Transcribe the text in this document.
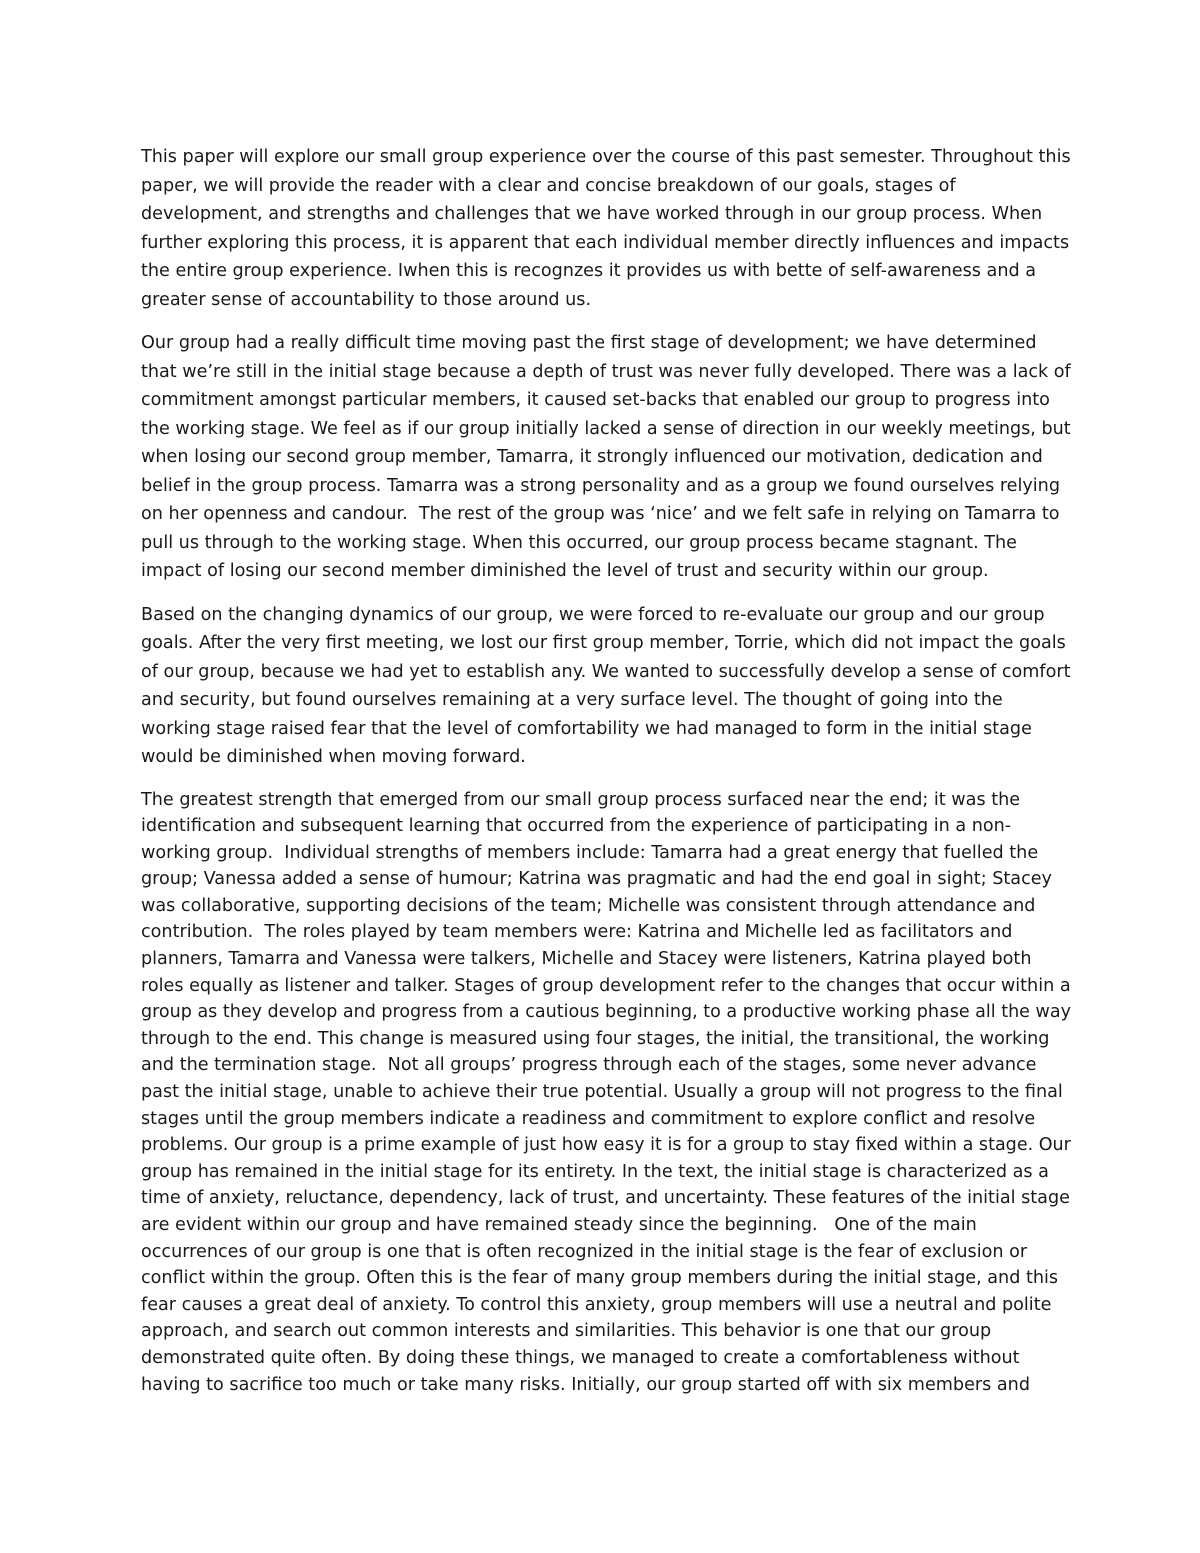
This paper will explore our small group experience over the course of this past semester. Throughout this
paper, we will provide the reader with a clear and concise breakdown of our goals, stages of
development, and strengths and challenges that we have worked through in our group process. When
further exploring this process, it is apparent that each individual member directly influences and impacts
the entire group experience. Iwhen this is recognzes it provides us with bette of self-awareness and a
greater sense of accountability to those around us.
Our group had a really difficult time moving past the first stage of development; we have determined
that we’re still in the initial stage because a depth of trust was never fully developed. There was a lack of
commitment amongst particular members, it caused set-backs that enabled our group to progress into
the working stage. We feel as if our group initially lacked a sense of direction in our weekly meetings, but
when losing our second group member, Tamarra, it strongly influenced our motivation, dedication and
belief in the group process. Tamarra was a strong personality and as a group we found ourselves relying
on her openness and candour.  The rest of the group was ‘nice’ and we felt safe in relying on Tamarra to
pull us through to the working stage. When this occurred, our group process became stagnant. The
impact of losing our second member diminished the level of trust and security within our group.
Based on the changing dynamics of our group, we were forced to re-evaluate our group and our group
goals. After the very first meeting, we lost our first group member, Torrie, which did not impact the goals
of our group, because we had yet to establish any. We wanted to successfully develop a sense of comfort
and security, but found ourselves remaining at a very surface level. The thought of going into the
working stage raised fear that the level of comfortability we had managed to form in the initial stage
would be diminished when moving forward.
The greatest strength that emerged from our small group process surfaced near the end; it was the
identification and subsequent learning that occurred from the experience of participating in a non-
working group.  Individual strengths of members include: Tamarra had a great energy that fuelled the
group; Vanessa added a sense of humour; Katrina was pragmatic and had the end goal in sight; Stacey
was collaborative, supporting decisions of the team; Michelle was consistent through attendance and
contribution.  The roles played by team members were: Katrina and Michelle led as facilitators and
planners, Tamarra and Vanessa were talkers, Michelle and Stacey were listeners, Katrina played both
roles equally as listener and talker. Stages of group development refer to the changes that occur within a
group as they develop and progress from a cautious beginning, to a productive working phase all the way
through to the end. This change is measured using four stages, the initial, the transitional, the working
and the termination stage.  Not all groups’ progress through each of the stages, some never advance
past the initial stage, unable to achieve their true potential. Usually a group will not progress to the final
stages until the group members indicate a readiness and commitment to explore conflict and resolve
problems. Our group is a prime example of just how easy it is for a group to stay fixed within a stage. Our
group has remained in the initial stage for its entirety. In the text, the initial stage is characterized as a
time of anxiety, reluctance, dependency, lack of trust, and uncertainty. These features of the initial stage
are evident within our group and have remained steady since the beginning.   One of the main
occurrences of our group is one that is often recognized in the initial stage is the fear of exclusion or
conflict within the group. Often this is the fear of many group members during the initial stage, and this
fear causes a great deal of anxiety. To control this anxiety, group members will use a neutral and polite
approach, and search out common interests and similarities. This behavior is one that our group
demonstrated quite often. By doing these things, we managed to create a comfortableness without
having to sacrifice too much or take many risks. Initially, our group started off with six members and
